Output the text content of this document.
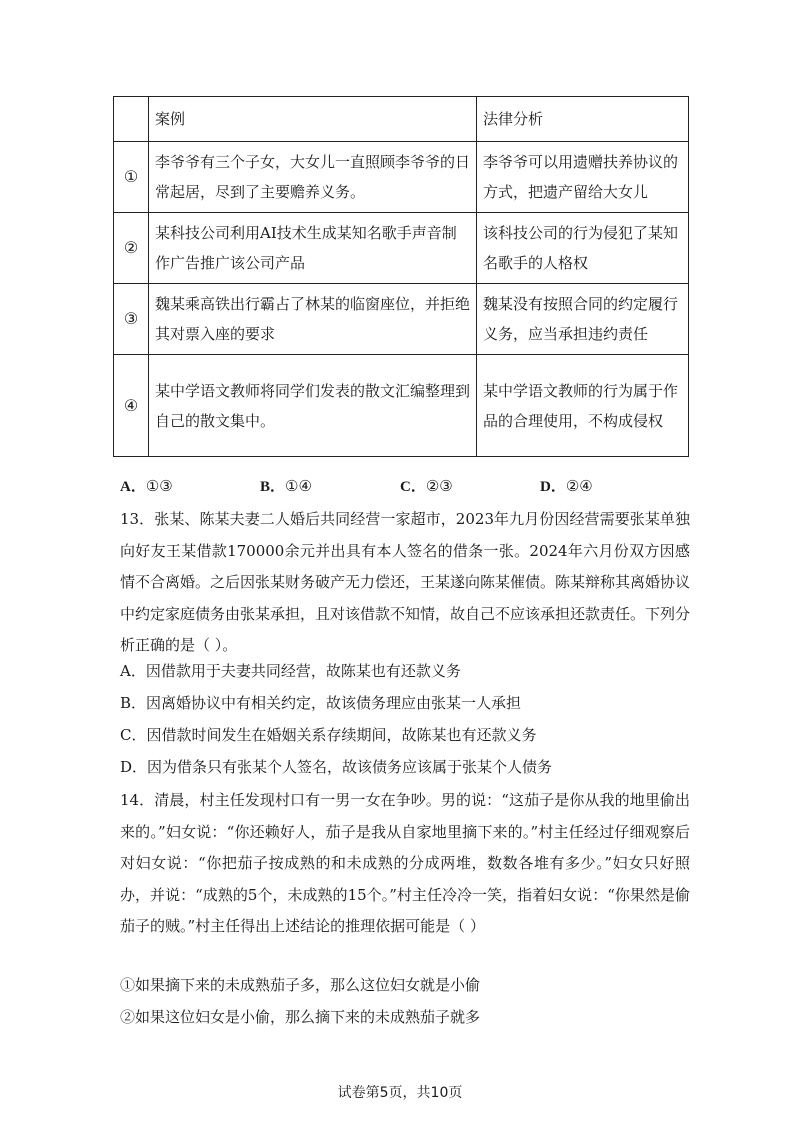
	案例	法律分析
①	李爷爷有三个子女，大女儿一直照顾李爷爷的日常起居，尽到了主要赡养义务。	李爷爷可以用遗赠扶养协议的方式，把遗产留给大女儿
②	某科技公司利用AI技术生成某知名歌手声音制作广告推广该公司产品	该科技公司的行为侵犯了某知名歌手的人格权
③	魏某乘高铁出行霸占了林某的临窗座位，并拒绝其对票入座的要求	魏某没有按照合同的约定履行义务，应当承担违约责任
④	某中学语文教师将同学们发表的散文汇编整理到自己的散文集中。	某中学语文教师的行为属于作品的合理使用，不构成侵权
A．①③	B．①④	C．②③	D．②④
13．张某、陈某夫妻二人婚后共同经营一家超市，2023年九月份因经营需要张某单独向好友王某借款170000余元并出具有本人签名的借条一张。2024年六月份双方因感情不合离婚。之后因张某财务破产无力偿还，王某遂向陈某催债。陈某辩称其离婚协议中约定家庭债务由张某承担，且对该借款不知情，故自己不应该承担还款责任。下列分析正确的是（ ）。
A．因借款用于夫妻共同经营，故陈某也有还款义务
B．因离婚协议中有相关约定，故该债务理应由张某一人承担
C．因借款时间发生在婚姻关系存续期间，故陈某也有还款义务
D．因为借条只有张某个人签名，故该债务应该属于张某个人债务
14．清晨，村主任发现村口有一男一女在争吵。男的说：“这茄子是你从我的地里偷出来的。”妇女说：“你还赖好人，茄子是我从自家地里摘下来的。”村主任经过仔细观察后对妇女说：“你把茄子按成熟的和未成熟的分成两堆，数数各堆有多少。”妇女只好照办，并说：“成熟的5个，未成熟的15个。”村主任冷冷一笑，指着妇女说：“你果然是偷茄子的贼。”村主任得出上述结论的推理依据可能是（ ）
①如果摘下来的未成熟茄子多，那么这位妇女就是小偷
②如果这位妇女是小偷，那么摘下来的未成熟茄子就多
试卷第5页，共10页
